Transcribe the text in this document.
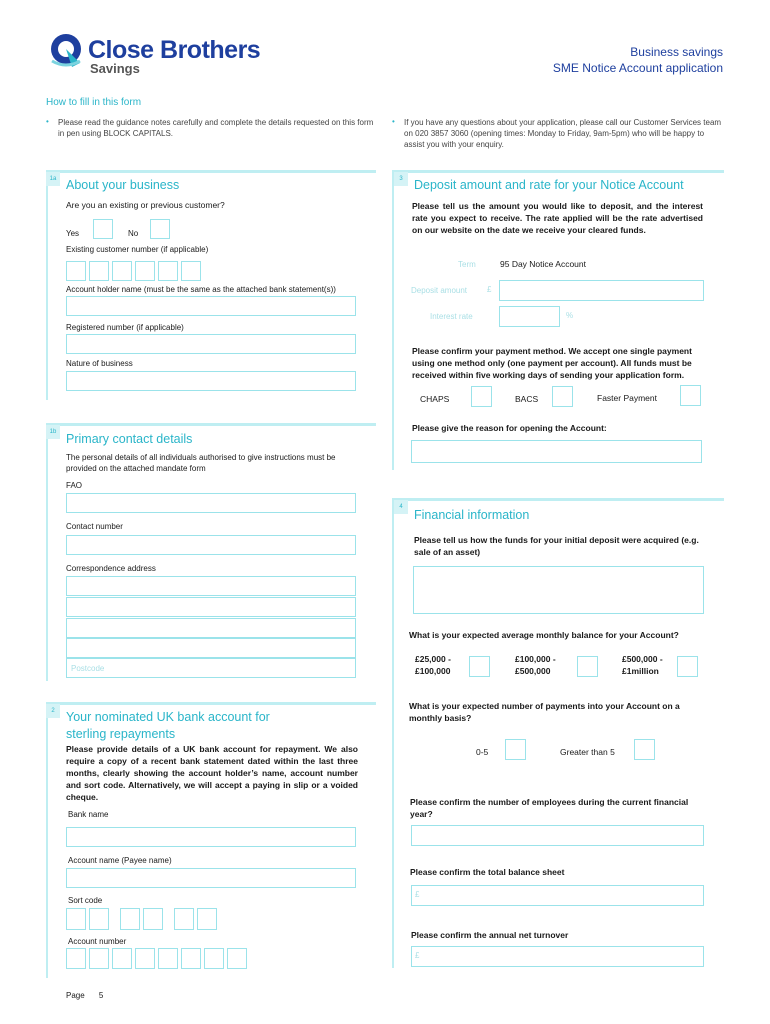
Close Brothers
Savings
Business savings
SME Notice Account application
How to fill in this form
• Please read the guidance notes carefully and complete the details requested on this form in pen using BLOCK CAPITALS.
• If you have any questions about your application, please call our Customer Services team on 020 3857 3060 (opening times: Monday to Friday, 9am-5pm) who will be happy to assist you with your enquiry.
1a About your business
Are you an existing or previous customer?
Yes	No
Existing customer number (if applicable)
Account holder name (must be the same as the attached bank statement(s))
Registered number (if applicable)
Nature of business
1b Primary contact details
The personal details of all individuals authorised to give instructions must be provided on the attached mandate form
FAO
Contact number
Correspondence address
Postcode
2 Your nominated UK bank account for
sterling repayments
Please provide details of a UK bank account for repayment. We also require a copy of a recent bank statement dated within the last three months, clearly showing the account holder’s name, account number and sort code. Alternatively, we will accept a paying in slip or a voided cheque.
Bank name
Account name (Payee name)
Sort code
Account number
3 Deposit amount and rate for your Notice Account
Please tell us the amount you would like to deposit, and the interest rate you expect to receive. The rate applied will be the rate advertised on our website on the date we receive your cleared funds.
Term	95 Day Notice Account
Deposit amount £
Interest rate	%
Please confirm your payment method. We accept one single payment using one method only (one payment per account). All funds must be received within five working days of sending your application form.
CHAPS	BACS	Faster Payment
Please give the reason for opening the Account:
4
Financial information
Please tell us how the funds for your initial deposit were acquired (e.g. sale of an asset)
What is your expected average monthly balance for your Account?
£25,000 -
£100,000
£100,000 -
£500,000
£500,000 -
£1million
What is your expected number of payments into your Account on a monthly basis?
0-5	Greater than 5
Please confirm the number of employees during the current financial year?
Please confirm the total balance sheet
£
Please confirm the annual net turnover
£
Page 5
